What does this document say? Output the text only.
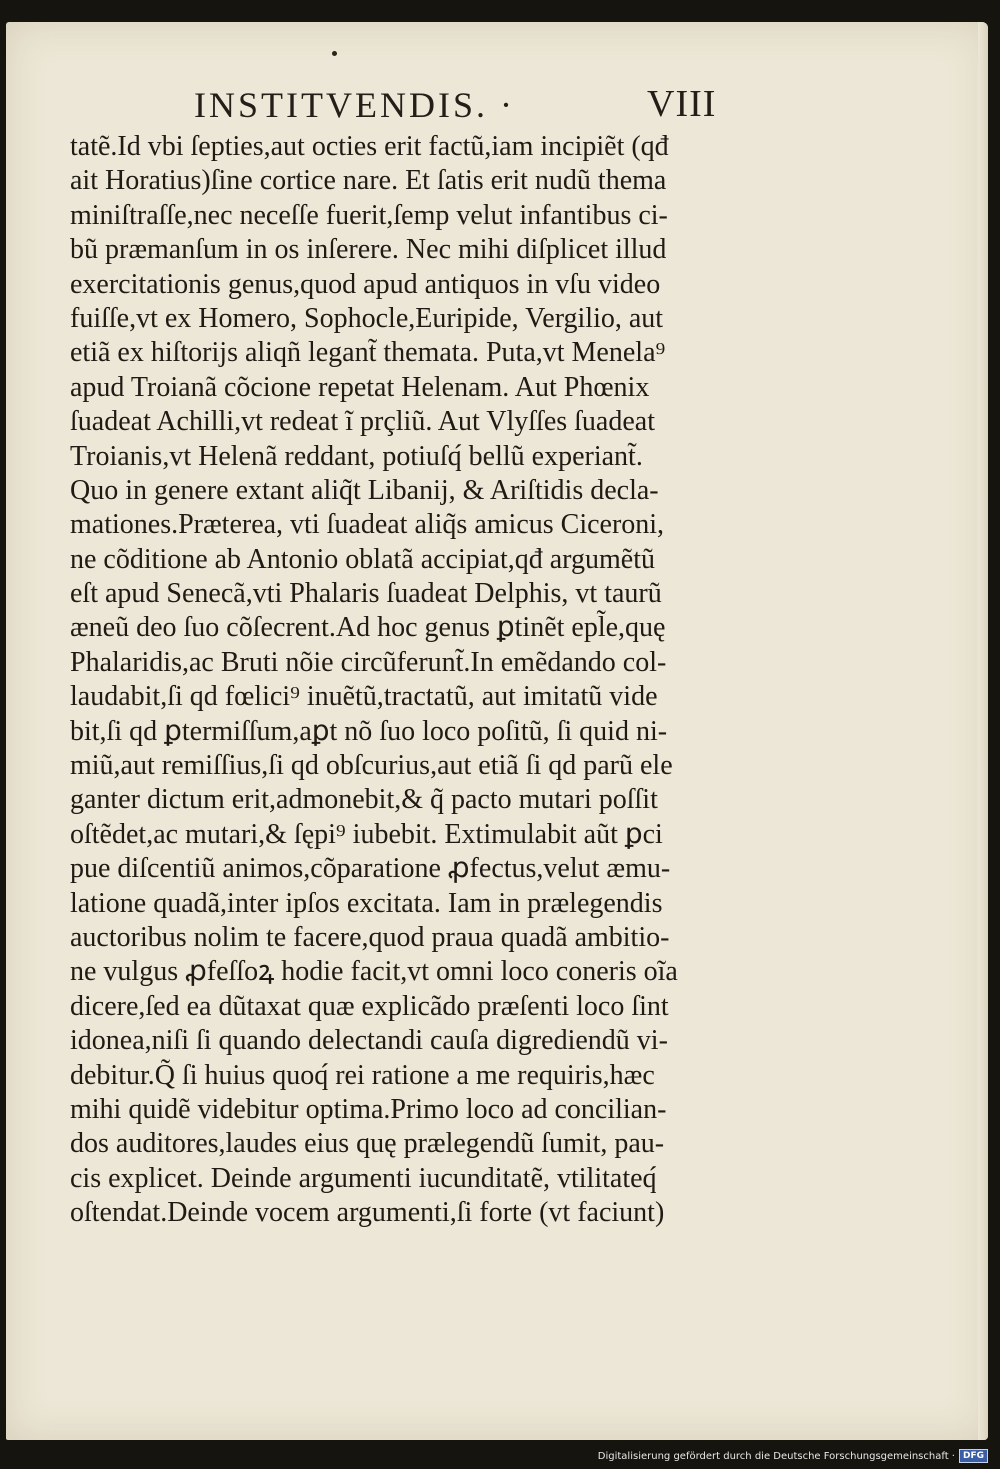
INSTITVENDIS. ·	VIII
tatẽ.Id vbi ſepties,aut octies erit factũ,iam incipiẽt (qđ
ait Horatius)ſine cortice nare. Et ſatis erit nudũ thema
miniſtraſſe,nec neceſſe fuerit,ſemp velut infantibus ci-
bũ præmanſum in os inſerere. Nec mihi diſplicet illud
exercitationis genus,quod apud antiquos in vſu video
fuiſſe,vt ex Homero, Sophocle,Euripide, Vergilio, aut
etiã ex hiſtorijs aliqñ legant̃ themata. Puta,vt Menela⁹
apud Troianã cõcione repetat Helenam. Aut Phœnix
ſuadeat Achilli,vt redeat ĩ prçliũ. Aut Vlyſſes ſuadeat
Troianis,vt Helenã reddant, potiuſq́ bellũ experiant̃.
Quo in genere extant aliq̃t Libanij, & Ariſtidis decla-
mationes.Præterea, vti ſuadeat aliq̃s amicus Ciceroni,
ne cõditione ab Antonio oblatã accipiat,qđ argumẽtũ
eſt apud Senecã,vti Phalaris ſuadeat Delphis, vt taurũ
æneũ deo ſuo cõſecrent.Ad hoc genus ꝑtinẽt epl̃e,quę
Phalaridis,ac Bruti nõie circũferunt̃.In emẽdando col-
laudabit,ſi qd fœlici⁹ inuẽtũ,tractatũ, aut imitatũ vide
bit,ſi qd ꝑtermiſſum,aꝑt nõ ſuo loco poſitũ, ſi quid ni-
miũ,aut remiſſius,ſi qd obſcurius,aut etiã ſi qd parũ ele
ganter dictum erit,admonebit,& q̃ pacto mutari poſſit
oſtẽdet,ac mutari,& ſępi⁹ iubebit. Extimulabit aũt ꝑci
pue diſcentiũ animos,cõparatione ꝓfectus,velut æmu-
latione quadã,inter ipſos excitata. Iam in prælegendis
auctoribus nolim te facere,quod praua quadã ambitio-
ne vulgus ꝓfeſſoꝝ hodie facit,vt omni loco coneris oĩa
dicere,ſed ea dũtaxat quæ explicãdo præſenti loco ſint
idonea,niſi ſi quando delectandi cauſa digrediendũ vi-
debitur.Q̃ ſi huius quoq́ rei ratione a me requiris,hæc
mihi quidẽ videbitur optima.Primo loco ad concilian-
dos auditores,laudes eius quę prælegendũ ſumit, pau-
cis explicet. Deinde argumenti iucunditatẽ, vtilitateq́
oſtendat.Deinde vocem argumenti,ſi forte (vt faciunt)
Digitalisierung gefördert durch die Deutsche Forschungsgemeinschaft · DFG
